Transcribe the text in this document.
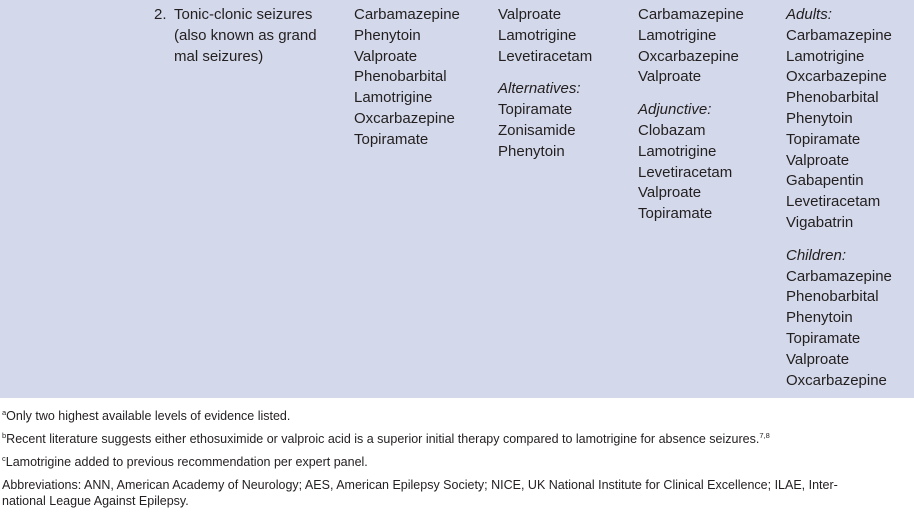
2. Tonic-clonic seizures
(also known as grand
mal seizures)
Carbamazepine
Phenytoin
Valproate
Phenobarbital
Lamotrigine
Oxcarbazepine
Topiramate
Valproate
Lamotrigine
Levetiracetam
Alternatives:
Topiramate
Zonisamide
Phenytoin
Carbamazepine
Lamotrigine
Oxcarbazepine
Valproate
Adjunctive:
Clobazam
Lamotrigine
Levetiracetam
Valproate
Topiramate
Adults:
Carbamazepine
Lamotrigine
Oxcarbazepine
Phenobarbital
Phenytoin
Topiramate
Valproate
Gabapentin
Levetiracetam
Vigabatrin
Children:
Carbamazepine
Phenobarbital
Phenytoin
Topiramate
Valproate
Oxcarbazepine

$^a$Only two highest available levels of evidence listed.

$^b$Recent literature suggests either ethosuximide or valproic acid is a superior initial therapy compared to lamotrigine for absence seizures.$^{7,8}$

$^c$Lamotrigine added to previous recommendation per expert panel.

Abbreviations: ANN, American Academy of Neurology; AES, American Epilepsy Society; NICE, UK National Institute for Clinical Excellence; ILAE, Inter-
national League Against Epilepsy.
